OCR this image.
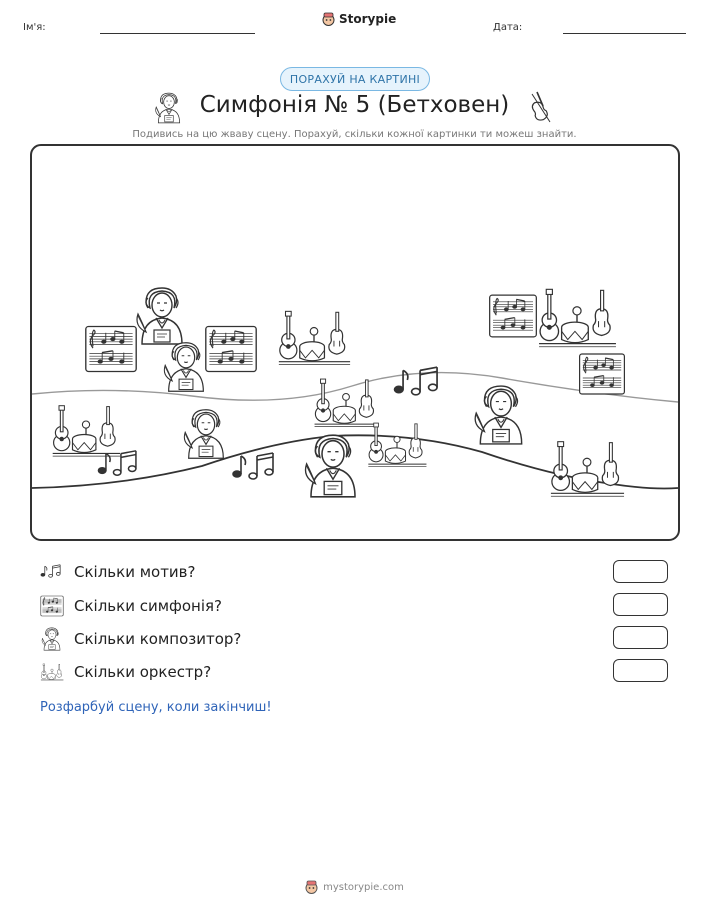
Ім'я:
Storypie
Дата:
ПОРАХУЙ НА КАРТИНІ
Симфонія № 5 (Бетховен)
Подивись на цю жваву сцену. Порахуй, скільки кожної картинки ти можеш знайти.
Скільки мотив?
Скільки симфонія?
Скільки композитор?
Скільки оркестр?
Розфарбуй сцену, коли закінчиш!
mystorypie.com
